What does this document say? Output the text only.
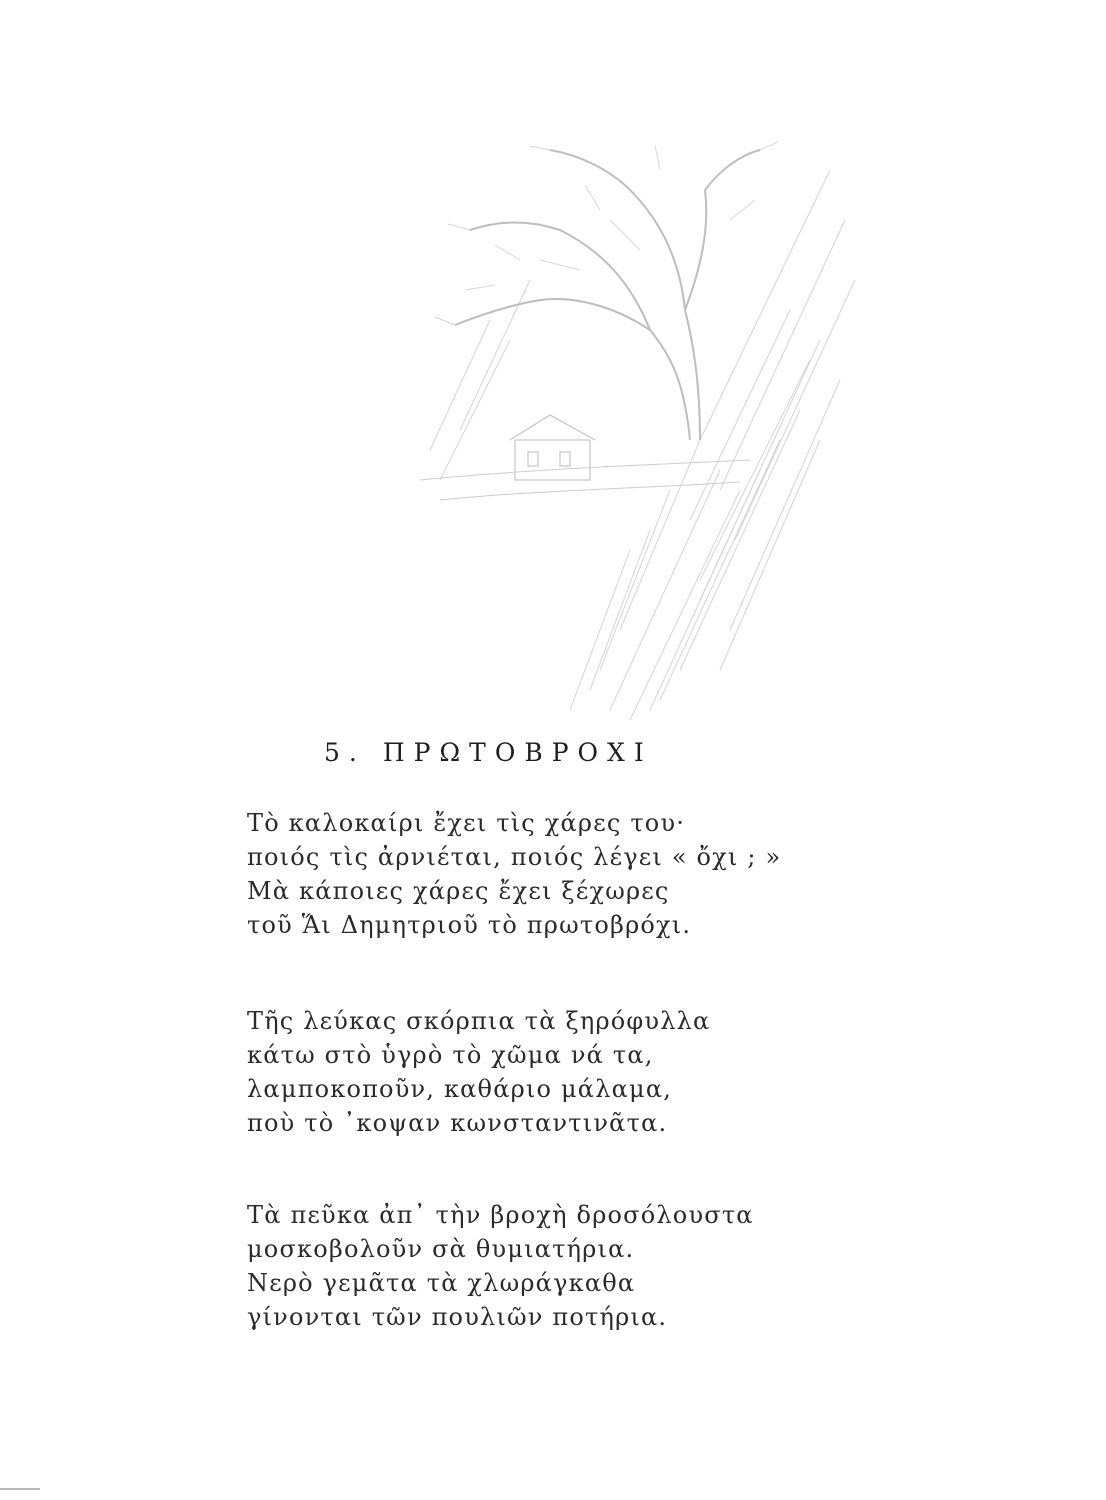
5. ΠΡΩΤΟΒΡΟΧΙ
Τὸ καλοκαίρι ἔχει τὶς χάρες του·
ποιός τὶς ἀρνιέται, ποιός λέγει « ὄχι ; »
Μὰ κάποιες χάρες ἔχει ξέχωρες
τοῦ Ἅι Δημητριοῦ τὸ πρωτοβρόχι.
Τῆς λεύκας σκόρπια τὰ ξηρόφυλλα
κάτω στὸ ὑγρὸ τὸ χῶμα νά τα,
λαμποκοποῦν, καθάριο μάλαμα,
ποὺ τὸ ᾽κοψαν κωνσταντινᾶτα.
Τὰ πεῦκα ἀπ᾽ τὴν βροχὴ δροσόλουστα
μοσκοβολοῦν σὰ θυμιατήρια.
Νερὸ γεμᾶτα τὰ χλωράγκαθα
γίνονται τῶν πουλιῶν ποτήρια.
